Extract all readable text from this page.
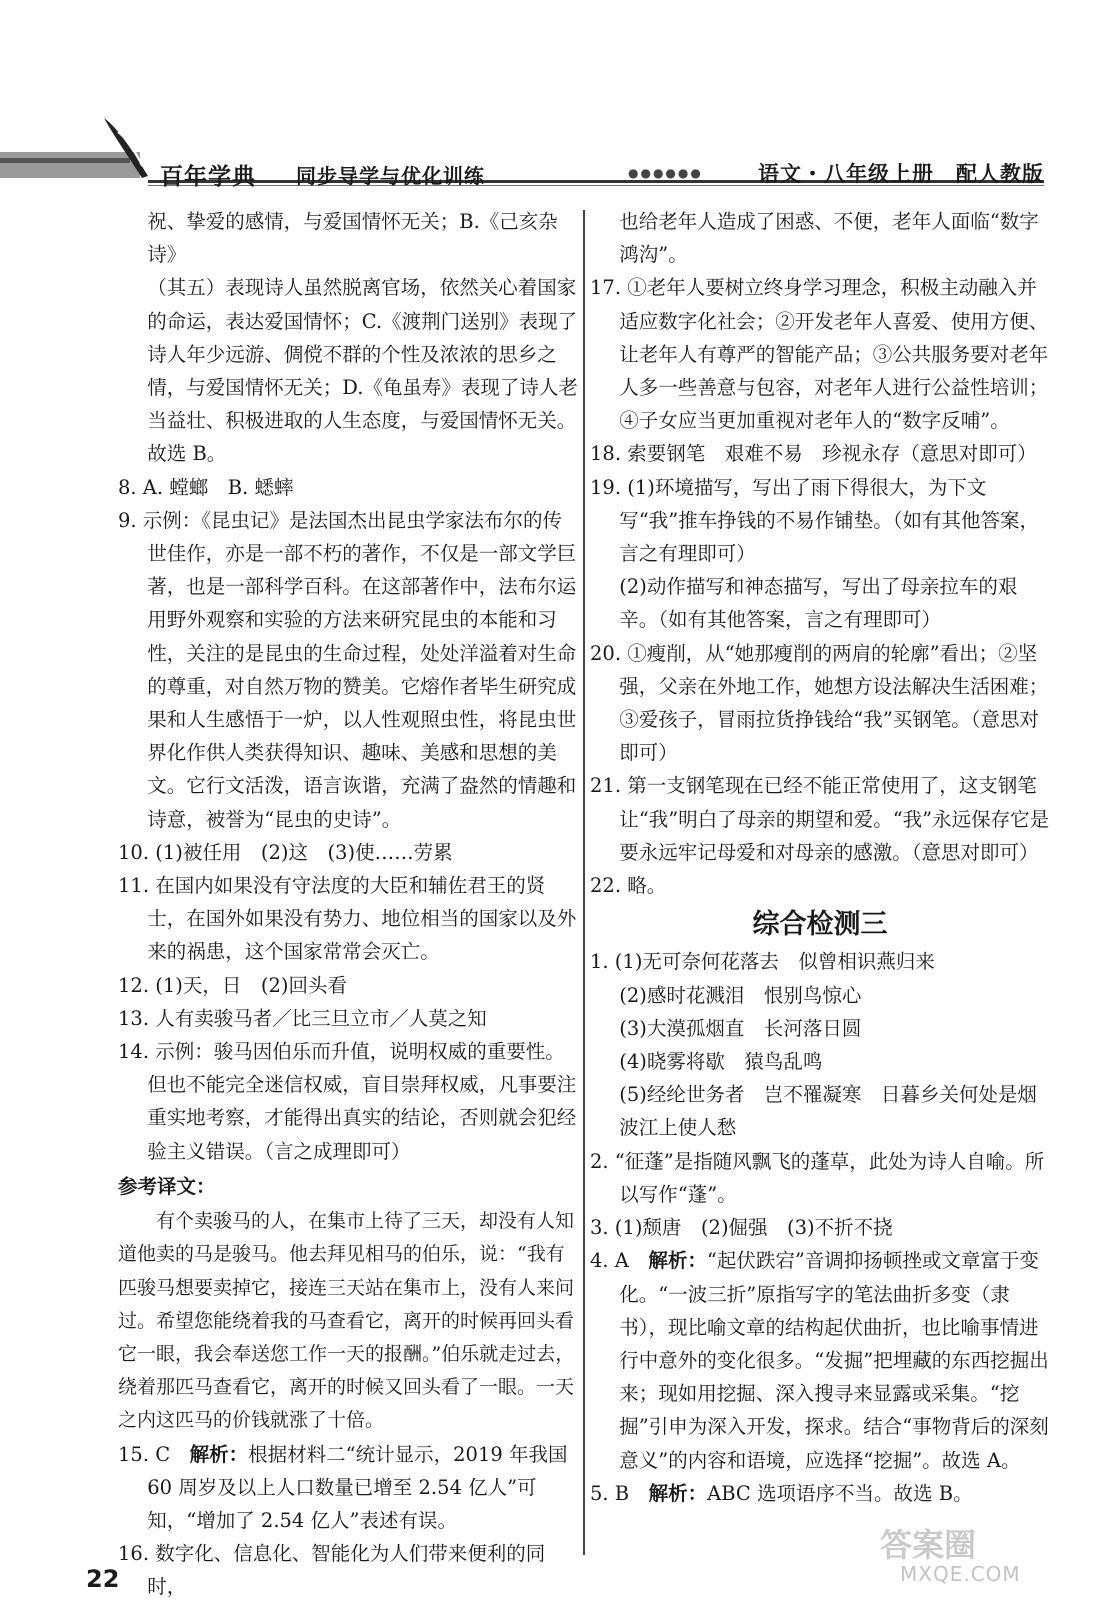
百年学典 同步导学与优化训练	●●●●●●	语文・八年级上册　配人教版

祝、挚爱的感情，与爱国情怀无关；B.《己亥杂诗》

（其五）表现诗人虽然脱离官场，依然关心着国家

的命运，表达爱国情怀；C.《渡荆门送别》表现了

诗人年少远游、倜傥不群的个性及浓浓的思乡之

情，与爱国情怀无关；D.《龟虽寿》表现了诗人老

当益壮、积极进取的人生态度，与爱国情怀无关。

故选 B。

8. A. 螳螂　B. 蟋蟀

9. 示例：《昆虫记》是法国杰出昆虫学家法布尔的传世佳作，亦是一部不朽的著作，不仅是一部文学巨著，也是一部科学百科。在这部著作中，法布尔运用野外观察和实验的方法来研究昆虫的本能和习性，关注的是昆虫的生命过程，处处洋溢着对生命的尊重，对自然万物的赞美。它熔作者毕生研究成果和人生感悟于一炉，以人性观照虫性，将昆虫世界化作供人类获得知识、趣味、美感和思想的美文。它行文活泼，语言诙谐，充满了盎然的情趣和诗意，被誉为“昆虫的史诗”。

10. (1)被任用　(2)这　(3)使……劳累

11. 在国内如果没有守法度的大臣和辅佐君王的贤士，在国外如果没有势力、地位相当的国家以及外来的祸患，这个国家常常会灭亡。

12. (1)天，日　(2)回头看

13. 人有卖骏马者／比三旦立市／人莫之知

14. 示例：骏马因伯乐而升值，说明权威的重要性。但也不能完全迷信权威，盲目崇拜权威，凡事要注重实地考察，才能得出真实的结论，否则就会犯经验主义错误。（言之成理即可）

参考译文：

有个卖骏马的人，在集市上待了三天，却没有人知道他卖的马是骏马。他去拜见相马的伯乐，说：“我有匹骏马想要卖掉它，接连三天站在集市上，没有人来问过。希望您能绕着我的马查看它，离开的时候再回头看它一眼，我会奉送您工作一天的报酬。”伯乐就走过去，绕着那匹马查看它，离开的时候又回头看了一眼。一天之内这匹马的价钱就涨了十倍。

15. C 解析：根据材料二“统计显示，2019 年我国 60 周岁及以上人口数量已增至 2.54 亿人”可知，“增加了 2.54 亿人”表述有误。

16. 数字化、信息化、智能化为人们带来便利的同时，

也给老年人造成了困惑、不便，老年人面临“数字鸿沟”。

17. ①老年人要树立终身学习理念，积极主动融入并适应数字化社会；②开发老年人喜爱、使用方便、让老年人有尊严的智能产品；③公共服务要对老年人多一些善意与包容，对老年人进行公益性培训；④子女应当更加重视对老年人的“数字反哺”。

18. 索要钢笔　艰难不易　珍视永存（意思对即可）

19. (1)环境描写，写出了雨下得很大，为下文写“我”推车挣钱的不易作铺垫。（如有其他答案，言之有理即可）

(2)动作描写和神态描写，写出了母亲拉车的艰辛。（如有其他答案，言之有理即可）

20. ①瘦削，从“她那瘦削的两肩的轮廓”看出；②坚强，父亲在外地工作，她想方设法解决生活困难；③爱孩子，冒雨拉货挣钱给“我”买钢笔。（意思对即可）

21. 第一支钢笔现在已经不能正常使用了，这支钢笔让“我”明白了母亲的期望和爱。“我”永远保存它是要永远牢记母爱和对母亲的感激。（意思对即可）

22. 略。

综合检测三

1. (1)无可奈何花落去　似曾相识燕归来

(2)感时花溅泪　恨别鸟惊心

(3)大漠孤烟直　长河落日圆

(4)晓雾将歇　猿鸟乱鸣

(5)经纶世务者　岂不罹凝寒　日暮乡关何处是烟波江上使人愁

2. “征蓬”是指随风飘飞的蓬草，此处为诗人自喻。所以写作“蓬”。

3. (1)颓唐　(2)倔强　(3)不折不挠

4. A 解析：“起伏跌宕”音调抑扬顿挫或文章富于变化。“一波三折”原指写字的笔法曲折多变（隶书），现比喻文章的结构起伏曲折，也比喻事情进行中意外的变化很多。“发掘”把埋藏的东西挖掘出来；现如用挖掘、深入搜寻来显露或采集。“挖掘”引申为深入开发，探求。结合“事物背后的深刻意义”的内容和语境，应选择“挖掘”。故选 A。

5. B 解析：ABC 选项语序不当。故选 B。

22
答案圈
MXQE.COM
